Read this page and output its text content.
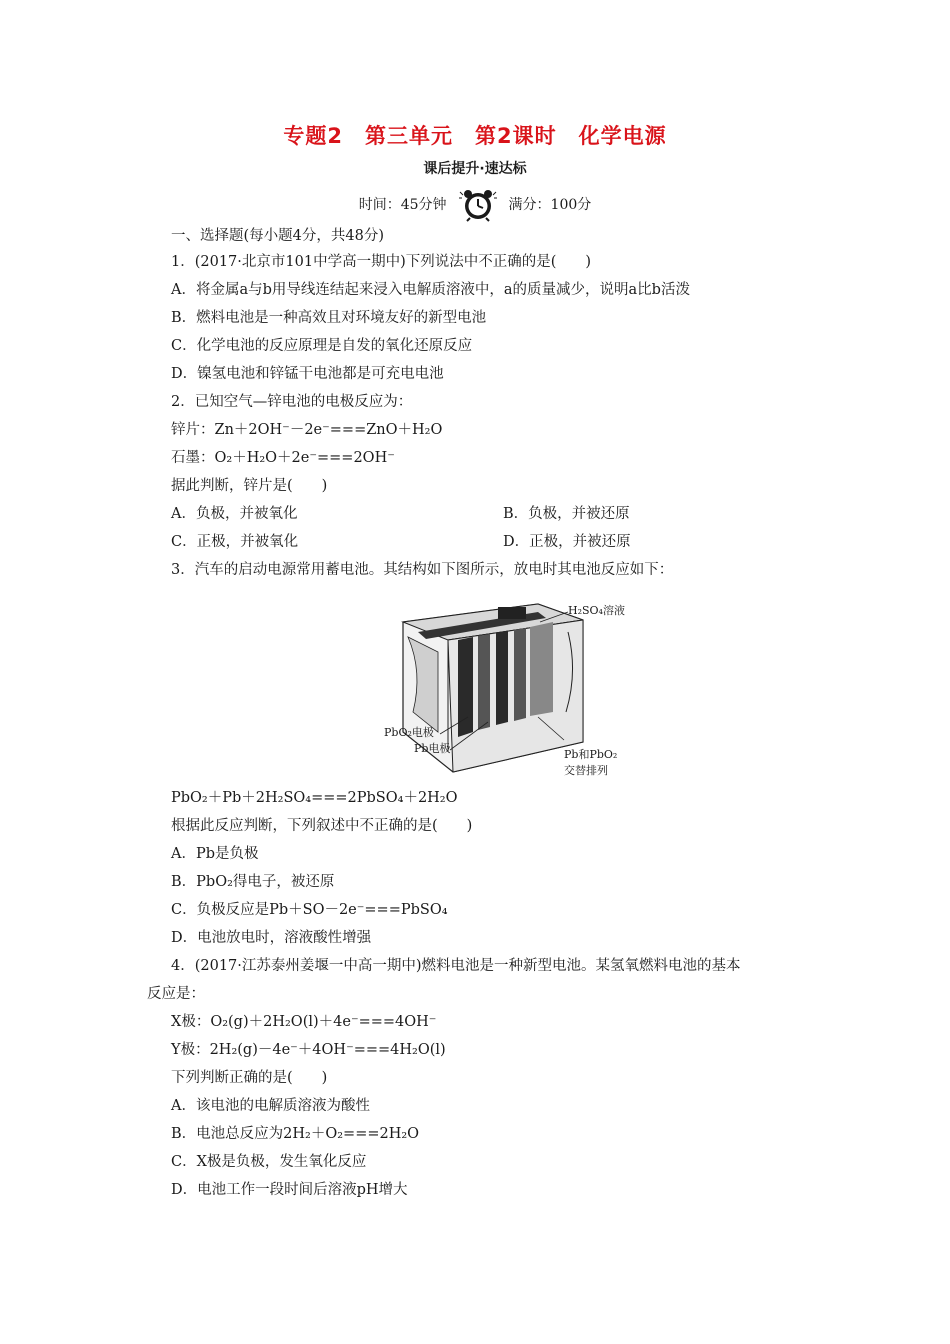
专题2　第三单元　第2课时　化学电源
课后提升·速达标
时间：45分钟	满分：100分
一、选择题(每小题4分，共48分)
1．(2017·北京市101中学高一期中)下列说法中不正确的是(　　)
A．将金属a与b用导线连结起来浸入电解质溶液中，a的质量减少，说明a比b活泼
B．燃料电池是一种高效且对环境友好的新型电池
C．化学电池的反应原理是自发的氧化还原反应
D．镍氢电池和锌锰干电池都是可充电电池
2．已知空气—锌电池的电极反应为：
锌片：Zn＋2OH⁻－2e⁻===ZnO＋H₂O
石墨：O₂＋H₂O＋2e⁻===2OH⁻
据此判断，锌片是(　　)
A．负极，并被氧化	B．负极，并被还原
C．正极，并被氧化	D．正极，并被还原
3．汽车的启动电源常用蓄电池。其结构如下图所示，放电时其电池反应如下：
H₂SO₄溶液
PbO₂电极
Pb电极	Pb和PbO₂
交替排列
PbO₂＋Pb＋2H₂SO₄===2PbSO₄＋2H₂O
根据此反应判断，下列叙述中不正确的是(　　)
A．Pb是负极
B．PbO₂得电子，被还原
C．负极反应是Pb＋SO－2e⁻===PbSO₄
D．电池放电时，溶液酸性增强
4．(2017·江苏泰州姜堰一中高一期中)燃料电池是一种新型电池。某氢氧燃料电池的基本
反应是：
X极：O₂(g)＋2H₂O(l)＋4e⁻===4OH⁻
Y极：2H₂(g)－4e⁻＋4OH⁻===4H₂O(l)
下列判断正确的是(　　)
A．该电池的电解质溶液为酸性
B．电池总反应为2H₂＋O₂===2H₂O
C．X极是负极，发生氧化反应
D．电池工作一段时间后溶液pH增大
